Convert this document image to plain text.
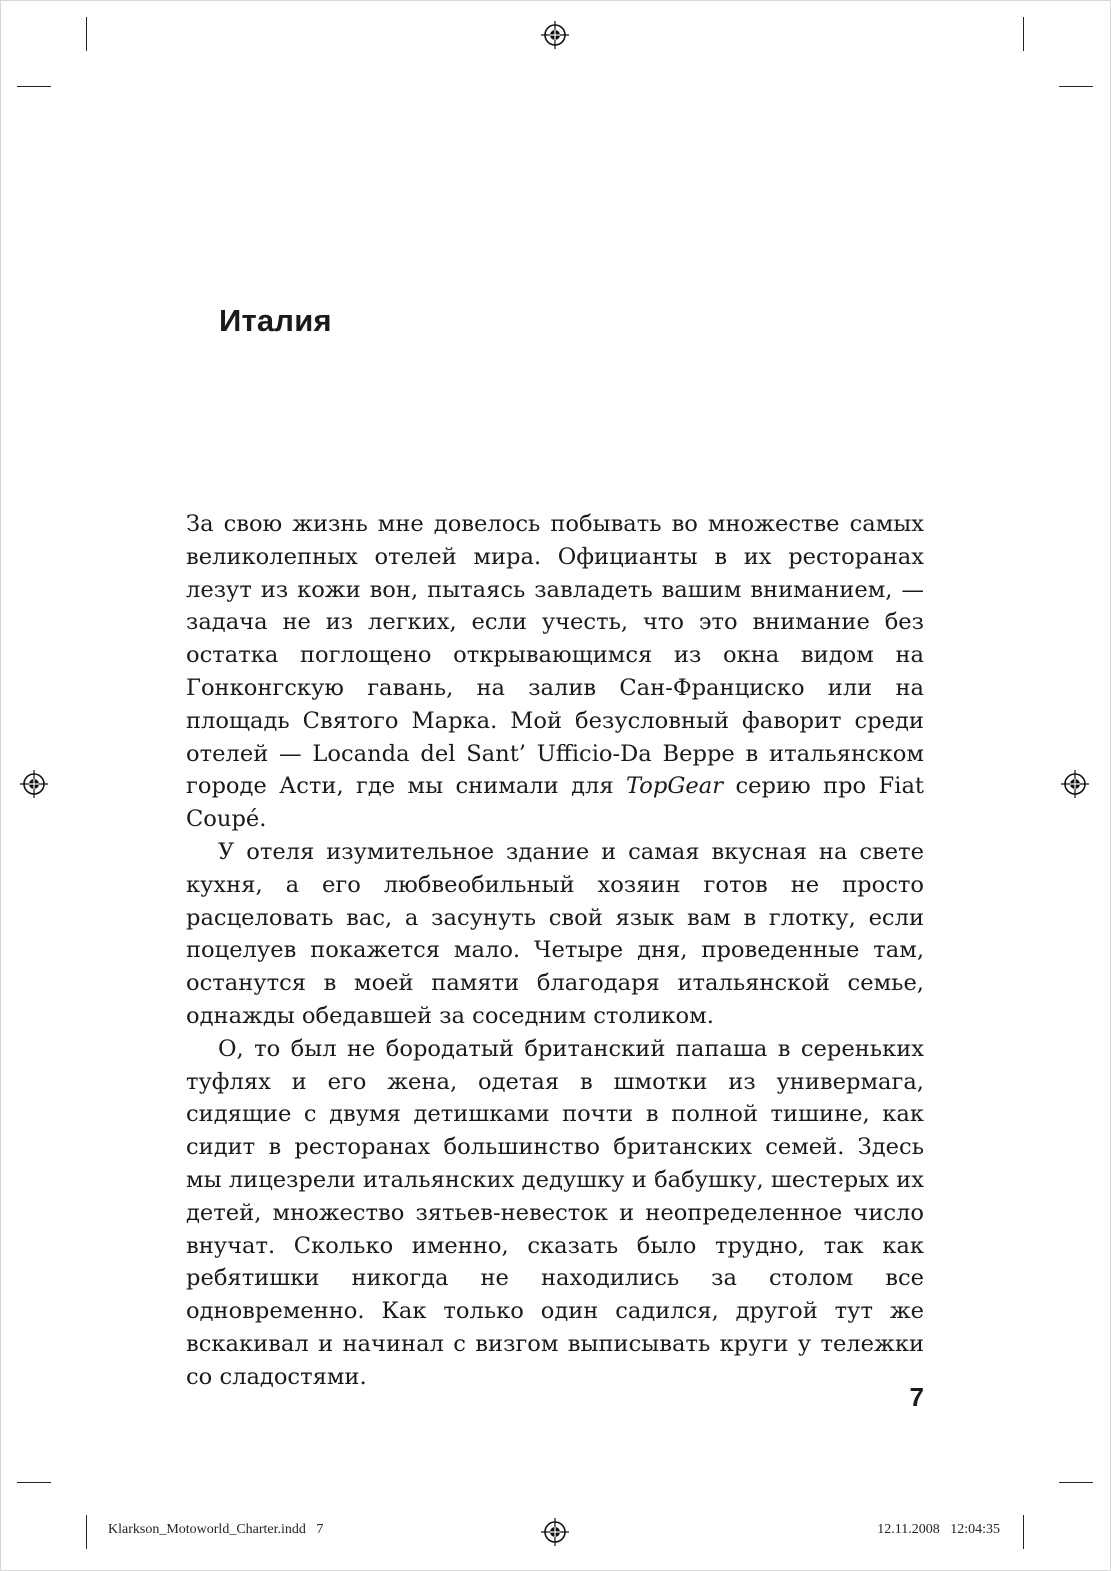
Италия

За свою жизнь мне довелось побывать во множестве самых великолепных отелей мира. Официанты в их ресторанах лезут из кожи вон, пытаясь завладеть вашим вниманием, — задача не из легких, если учесть, что это внимание без остатка поглощено открывающимся из окна видом на Гонконгскую гавань, на залив Сан-Франциско или на площадь Святого Марка. Мой безусловный фаворит среди отелей — Locanda del Sant’ Ufficio-Da Beppe в итальянском городе Асти, где мы снимали для TopGear серию про Fiat Coupé.

У отеля изумительное здание и самая вкусная на свете кухня, а его любвеобильный хозяин готов не просто расцеловать вас, а засунуть свой язык вам в глотку, если поцелуев покажется мало. Четыре дня, проведенные там, останутся в моей памяти благодаря итальянской семье, однажды обедавшей за соседним столиком.

О, то был не бородатый британский папаша в сереньких туфлях и его жена, одетая в шмотки из универмага, сидящие с двумя детишками почти в полной тишине, как сидит в ресторанах большинство британских семей. Здесь мы лицезрели итальянских дедушку и бабушку, шестерых их детей, множество зятьев-невесток и неопределенное число внучат. Сколько именно, сказать было трудно, так как ребятишки никогда не находились за столом все одновременно. Как только один садился, другой тут же вскакивал и начинал с визгом выписывать круги у тележки со сладостями.

7
Klarkson_Motoworld_Charter.indd   7	12.11.2008   12:04:35
